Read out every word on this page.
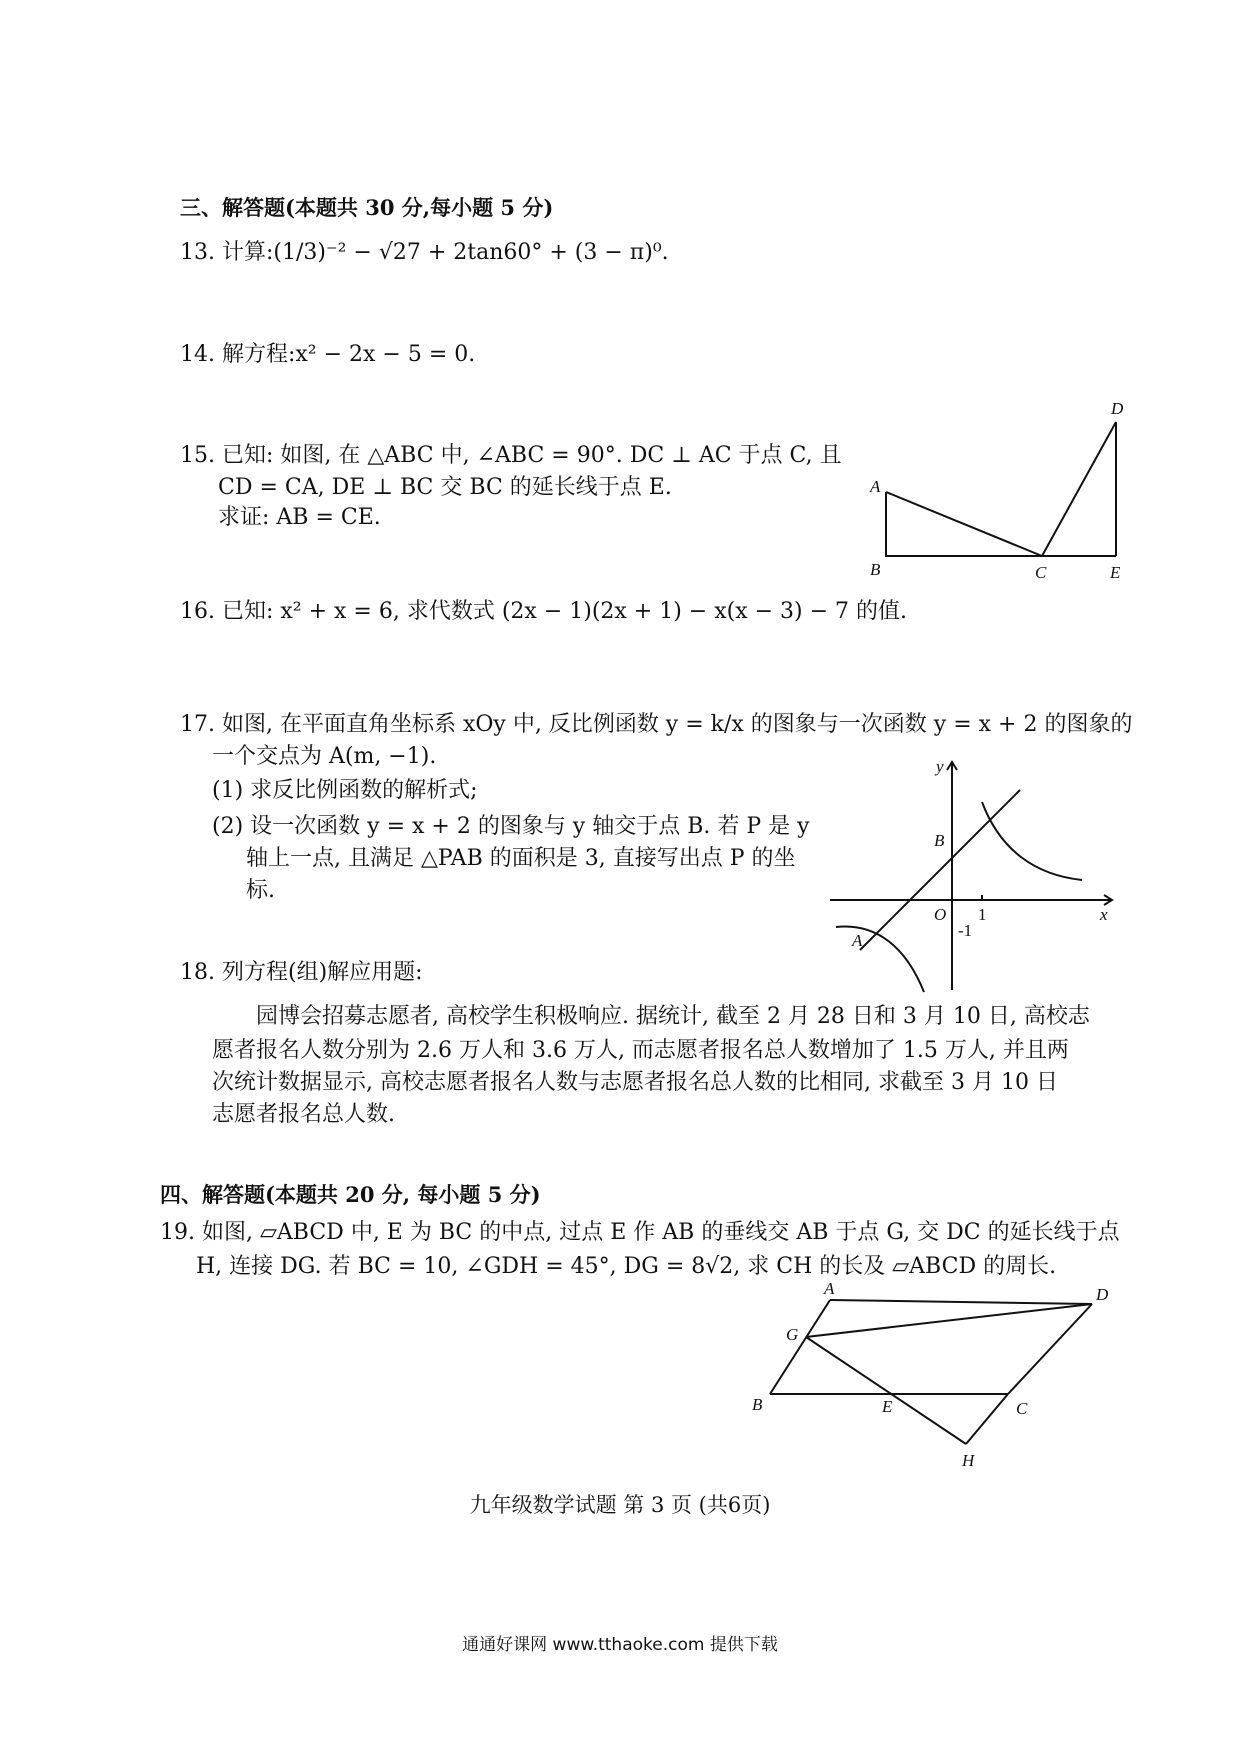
三、解答题(本题共 30 分,每小题 5 分)
13. 计算:(1/3)⁻² − √27 + 2tan60° + (3 − π)⁰.
14. 解方程:x² − 2x − 5 = 0.
15. 已知: 如图, 在 △ABC 中, ∠ABC = 90°. DC ⊥ AC 于点 C, 且
CD = CA, DE ⊥ BC 交 BC 的延长线于点 E.
求证: AB = CE.
A
B	C
D
E
16. 已知: x² + x = 6, 求代数式 (2x − 1)(2x + 1) − x(x − 3) − 7 的值.
17. 如图, 在平面直角坐标系 xOy 中, 反比例函数 y = k/x 的图象与一次函数 y = x + 2 的图象的
一个交点为 A(m, −1).
(1) 求反比例函数的解析式;
(2) 设一次函数 y = x + 2 的图象与 y 轴交于点 B. 若 P 是 y
轴上一点, 且满足 △PAB 的面积是 3, 直接写出点 P 的坐
标.
y
x
B
O
A
1
-1
18. 列方程(组)解应用题:
园博会招募志愿者, 高校学生积极响应. 据统计, 截至 2 月 28 日和 3 月 10 日, 高校志
愿者报名人数分别为 2.6 万人和 3.6 万人, 而志愿者报名总人数增加了 1.5 万人, 并且两
次统计数据显示, 高校志愿者报名人数与志愿者报名总人数的比相同, 求截至 3 月 10 日
志愿者报名总人数.
四、解答题(本题共 20 分, 每小题 5 分)
19. 如图, ▱ABCD 中, E 为 BC 的中点, 过点 E 作 AB 的垂线交 AB 于点 G, 交 DC 的延长线于点
H, 连接 DG. 若 BC = 10, ∠GDH = 45°, DG = 8√2, 求 CH 的长及 ▱ABCD 的周长.
A	D
G
B	E	C
H
九年级数学试题 第 3 页 (共6页)
通通好课网 www.tthaoke.com 提供下载
